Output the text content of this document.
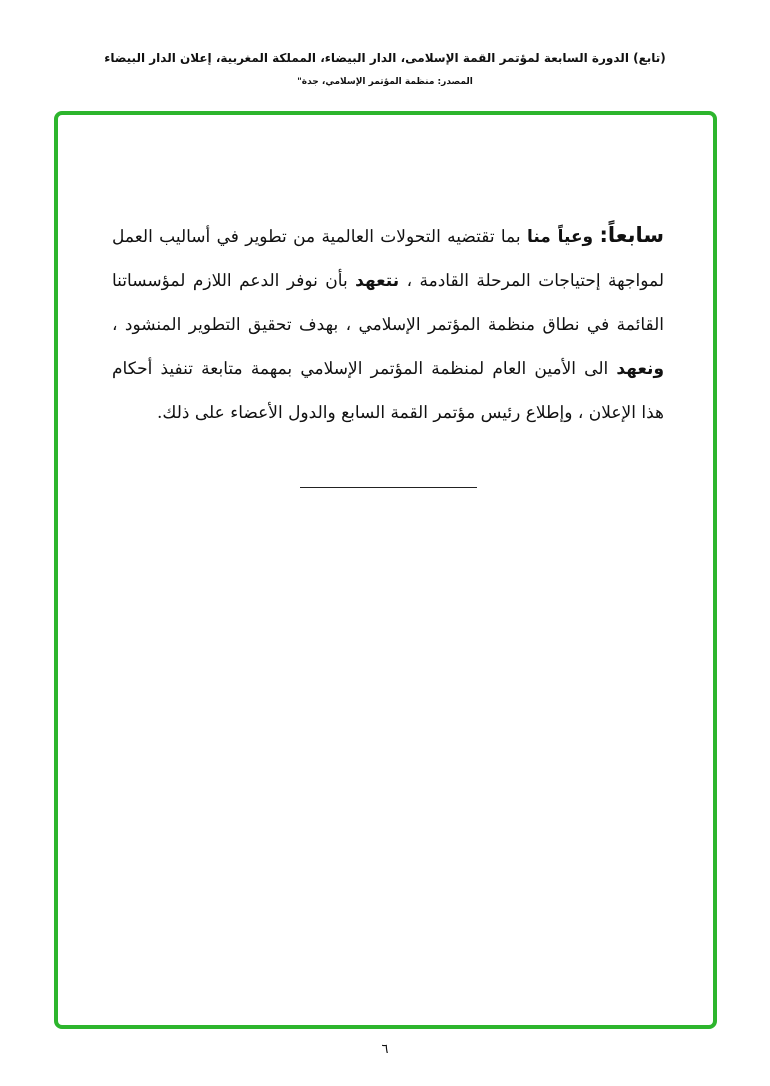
(تابع) الدورة السابعة لمؤتمر القمة الإسلامى، الدار البيضاء، المملكة المغربية، إعلان الدار البيضاء
المصدر: منظمة المؤتمر الإسلامي، جدة"
سابعاً: وعياً منا بما تقتضيه التحولات العالمية من تطوير في أساليب العمل لمواجهة إحتياجات المرحلة القادمة ، نتعهد بأن نوفر الدعم اللازم لمؤسساتنا القائمة في نطاق منظمة المؤتمر الإسلامي ، بهدف تحقيق التطوير المنشود ، ونعهد الى الأمين العام لمنظمة المؤتمر الإسلامي بمهمة متابعة تنفيذ أحكام هذا الإعلان ، وإطلاع رئيس مؤتمر القمة السابع والدول الأعضاء على ذلك.
٦
